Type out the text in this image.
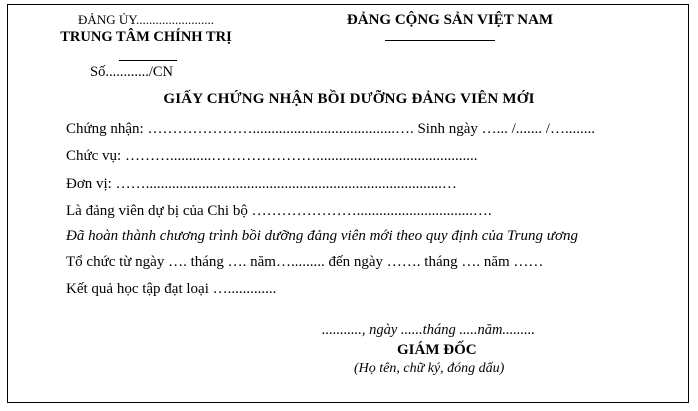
ĐẢNG ỦY........................
TRUNG TÂM CHÍNH TRỊ
ĐẢNG CỘNG SẢN VIỆT NAM
Số............/CN
GIẤY CHỨNG NHẬN BỒI DƯỠNG ĐẢNG VIÊN MỚI
Chứng nhận: …………………......................................…. Sinh ngày …... /....... /…........
Chức vụ: ………...........…………………...........................................
Đơn vị: ……...............................................................................…
Là đảng viên dự bị của Chi bộ …………………...............................….
Đã hoàn thành chương trình bồi dưỡng đảng viên mới theo quy định của Trung ương
Tổ chức từ ngày …. tháng …. năm…......... đến ngày ……. tháng …. năm ……
Kết quả học tập đạt loại ….............
..........., ngày ......tháng .....năm.........
GIÁM ĐỐC
(Họ tên, chữ ký, đóng dấu)
